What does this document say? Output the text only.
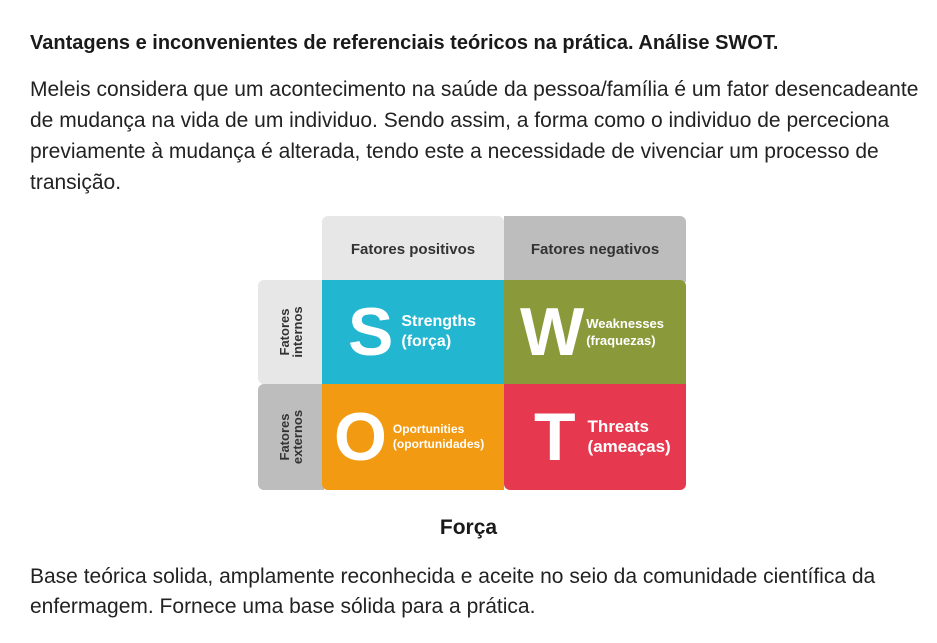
Vantagens e inconvenientes de referenciais teóricos na prática. Análise SWOT.

Meleis considera que um acontecimento na saúde da pessoa/família é um fator desencadeante de mudança na vida de um individuo. Sendo assim, a forma como o individuo de perceciona previamente à mudança é alterada, tendo este a necessidade de vivenciar um processo de transição.

Fatores positivos	Fatores negativos
Fatores
internos
Fatores
externos
S Strengths
(força)	W Weaknesses
(fraquezas)
O Oportunities
(oportunidades) T Threats
(ameaças)
Força

Base teórica solida, amplamente reconhecida e aceite no seio da comunidade científica da enfermagem. Fornece uma base sólida para a prática.
